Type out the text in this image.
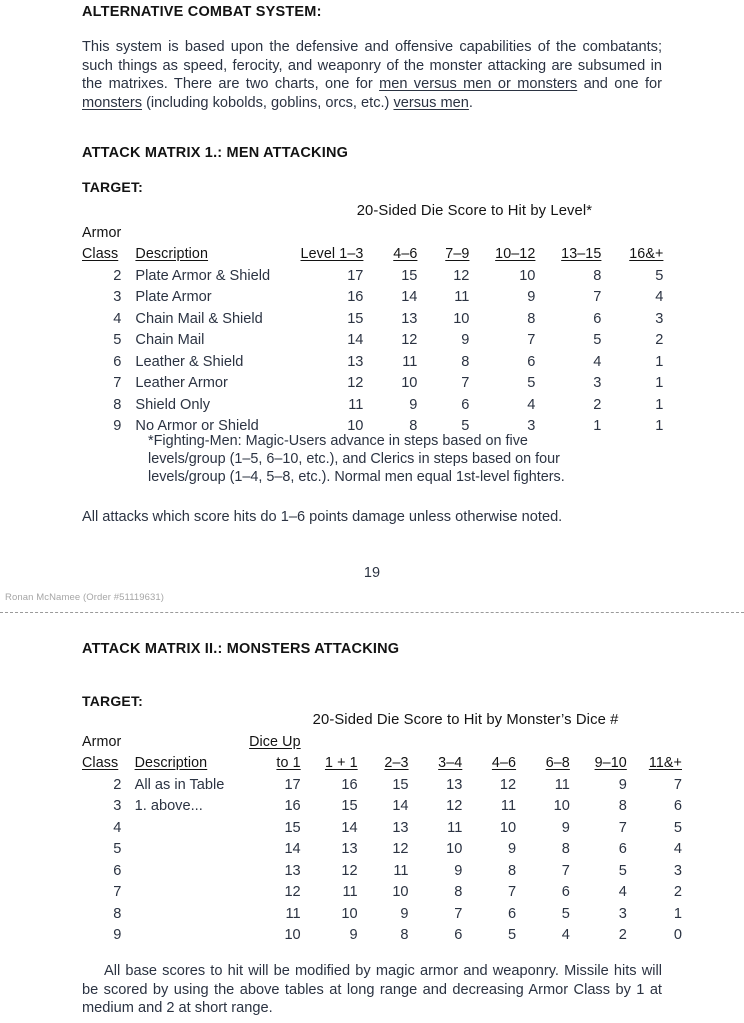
ALTERNATIVE COMBAT SYSTEM:
This system is based upon the defensive and offensive capabilities of the combatants; such things as speed, ferocity, and weaponry of the monster attacking are subsumed in the matrixes. There are two charts, one for men versus men or monsters and one for monsters (including kobolds, goblins, orcs, etc.) versus men.
ATTACK MATRIX 1.: MEN ATTACKING
TARGET:
			20-Sided Die Score to Hit by Level*					
Armor								
Class		Description	Level 1–3	4–6	7–9	10–12	13–15	16&+
2		Plate Armor & Shield	17	15	12	10	8	5
3		Plate Armor	16	14	11	9	7	4
4		Chain Mail & Shield	15	13	10	8	6	3
5		Chain Mail	14	12	9	7	5	2
6		Leather & Shield	13	11	8	6	4	1
7		Leather Armor	12	10	7	5	3	1
8		Shield Only	11	9	6	4	2	1
9		No Armor or Shield	10	8	5	3	1	1
*Fighting-Men: Magic-Users advance in steps based on five levels/group (1–5, 6–10, etc.), and Clerics in steps based on four levels/group (1–4, 5–8, etc.). Normal men equal 1st-level fighters.
All attacks which score hits do 1–6 points damage unless otherwise noted.
19
Ronan McNamee (Order #51119631)
ATTACK MATRIX II.: MONSTERS ATTACKING
TARGET:
			20-Sided Die Score to Hit by Monster’s Dice #							
Armor			Dice Up							
Class		Description	to 1	1 + 1	2–3	3–4	4–6	6–8	9–10	11&+
2		All as in Table	17	16	15	13	12	11	9	7
3		1. above...	16	15	14	12	11	10	8	6
4			15	14	13	11	10	9	7	5
5			14	13	12	10	9	8	6	4
6			13	12	11	9	8	7	5	3
7			12	11	10	8	7	6	4	2
8			11	10	9	7	6	5	3	1
9			10	9	8	6	5	4	2	0
All base scores to hit will be modified by magic armor and weaponry. Missile hits will be scored by using the above tables at long range and decreasing Armor Class by 1 at medium and 2 at short range.
